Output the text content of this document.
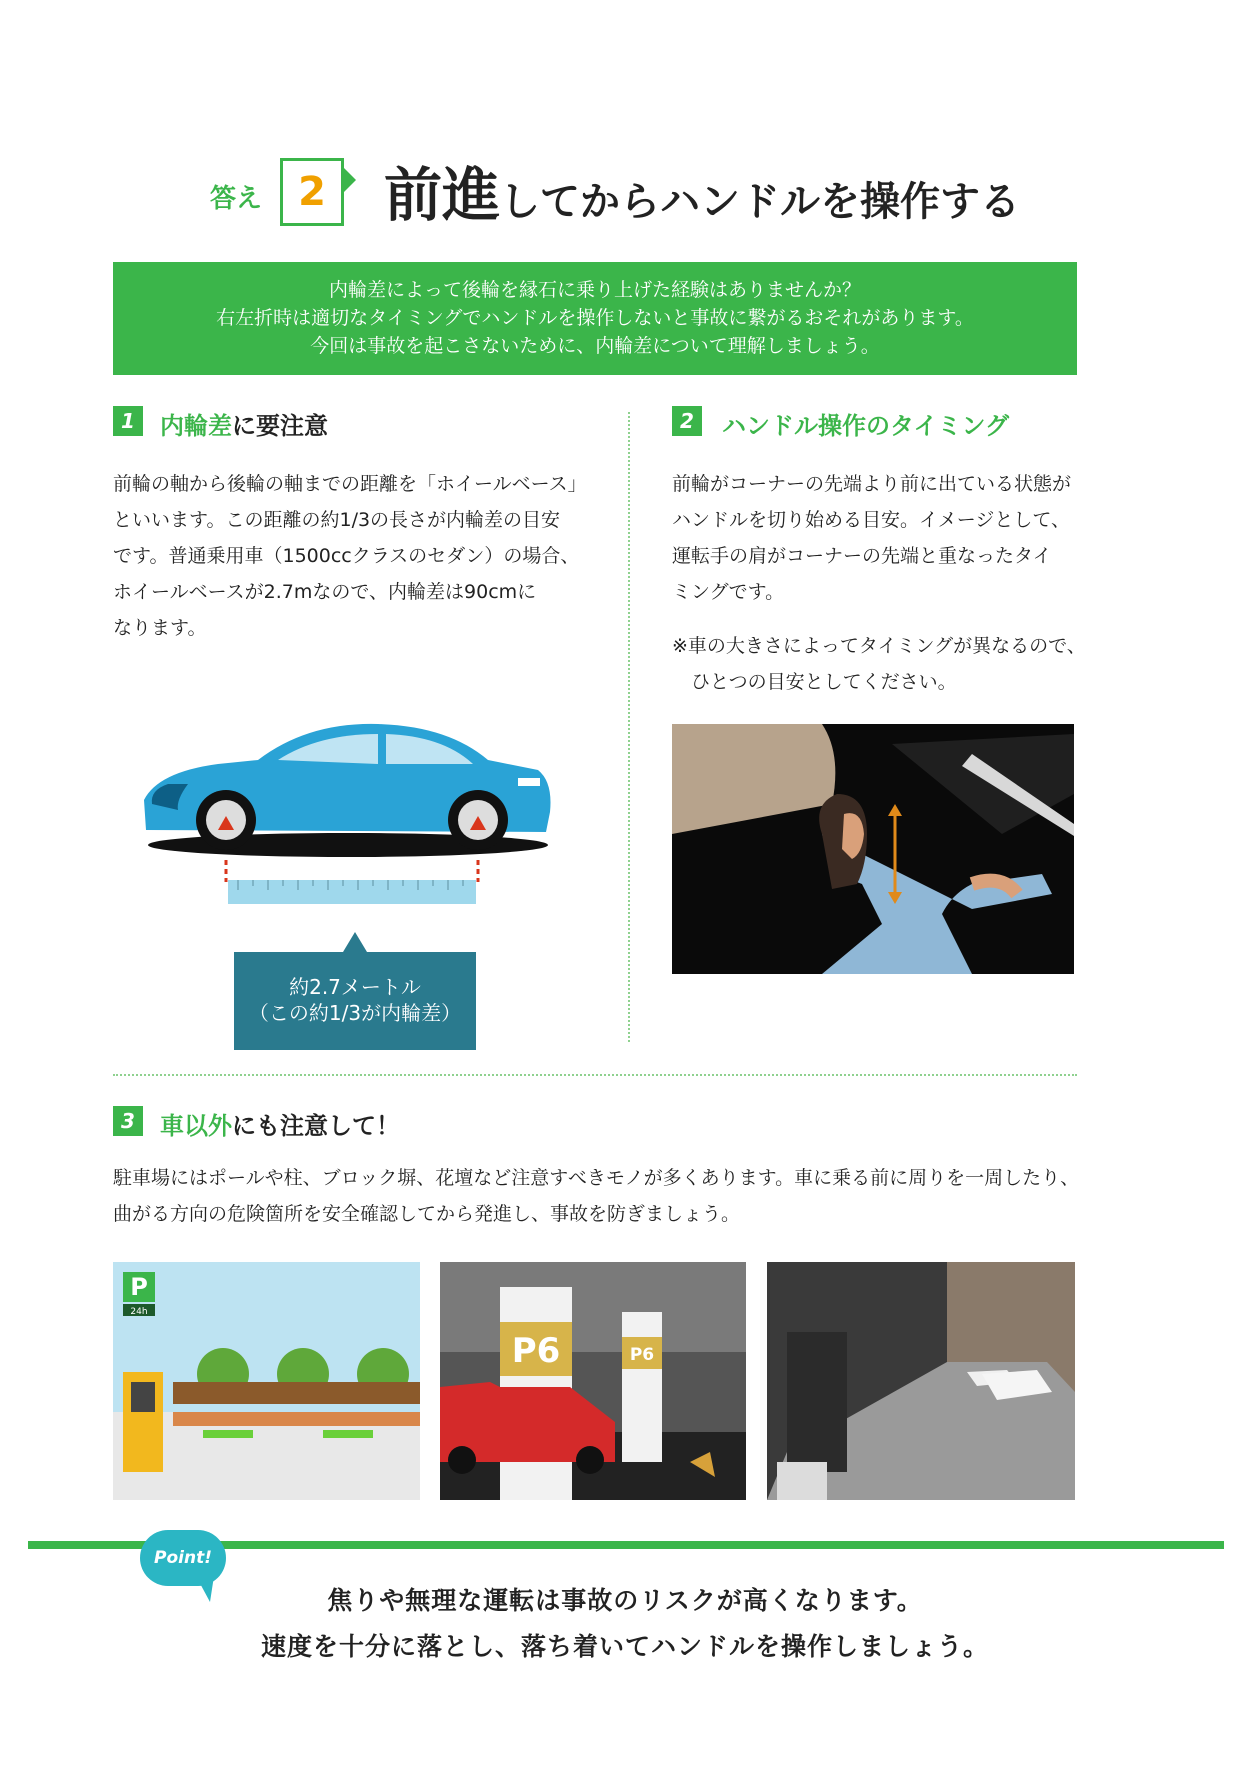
答え 2	前進してからハンドルを操作する
内輪差によって後輪を縁石に乗り上げた経験はありませんか？
右左折時は適切なタイミングでハンドルを操作しないと事故に繋がるおそれがあります。
今回は事故を起こさないために、内輪差について理解しましょう。
1	内輪差に要注意
前輪の軸から後輪の軸までの距離を「ホイールベース」
といいます。この距離の約1/3の長さが内輪差の目安
です。普通乗用車（1500ccクラスのセダン）の場合、
ホイールベースが2.7mなので、内輪差は90cmに
なります。
約2.7メートル
（この約1/3が内輪差）
2	ハンドル操作のタイミング
前輪がコーナーの先端より前に出ている状態が
ハンドルを切り始める目安。イメージとして、
運転手の肩がコーナーの先端と重なったタイ
ミングです。
※車の大きさによってタイミングが異なるので、
　ひとつの目安としてください。
3	車以外にも注意して！
駐車場にはポールや柱、ブロック塀、花壇など注意すべきモノが多くあります。車に乗る前に周りを一周したり、
曲がる方向の危険箇所を安全確認してから発進し、事故を防ぎましょう。
P
24h
P6	P6
Point!
焦りや無理な運転は事故のリスクが高くなります。
速度を十分に落とし、落ち着いてハンドルを操作しましょう。
